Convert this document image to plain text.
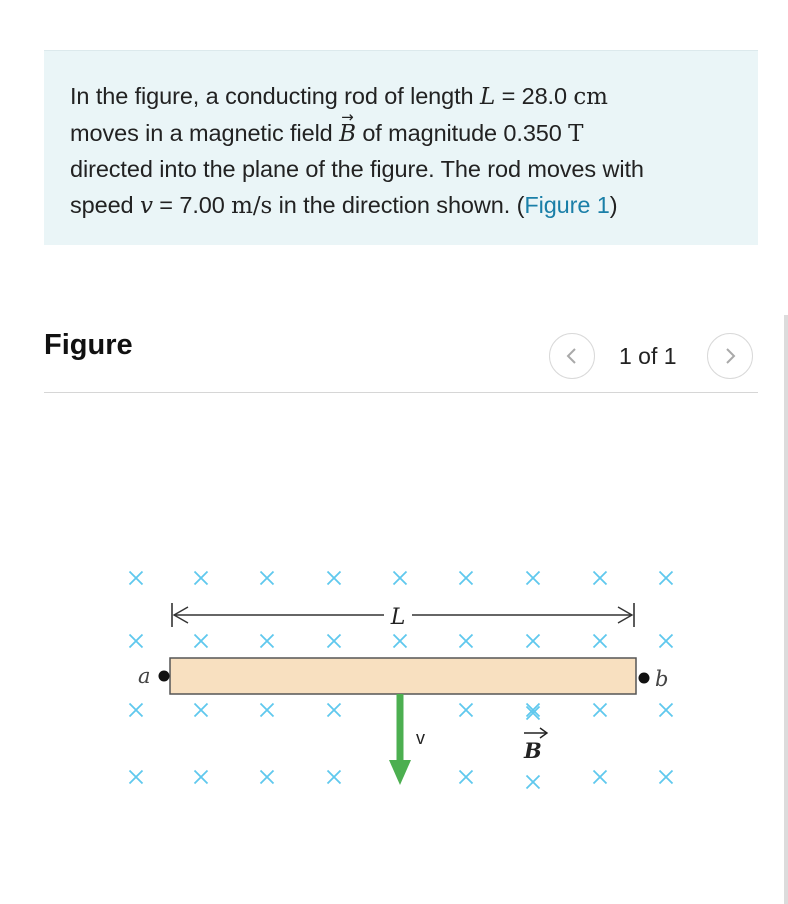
In the figure, a conducting rod of length L = 28.0 cm
moves in a magnetic field → B of magnitude 0.350 T
directed into the plane of the figure. The rod moves with
speed v = 7.00 m/s in the direction shown. (Figure 1)
Figure	1 of 1
L
a	b
v	B
